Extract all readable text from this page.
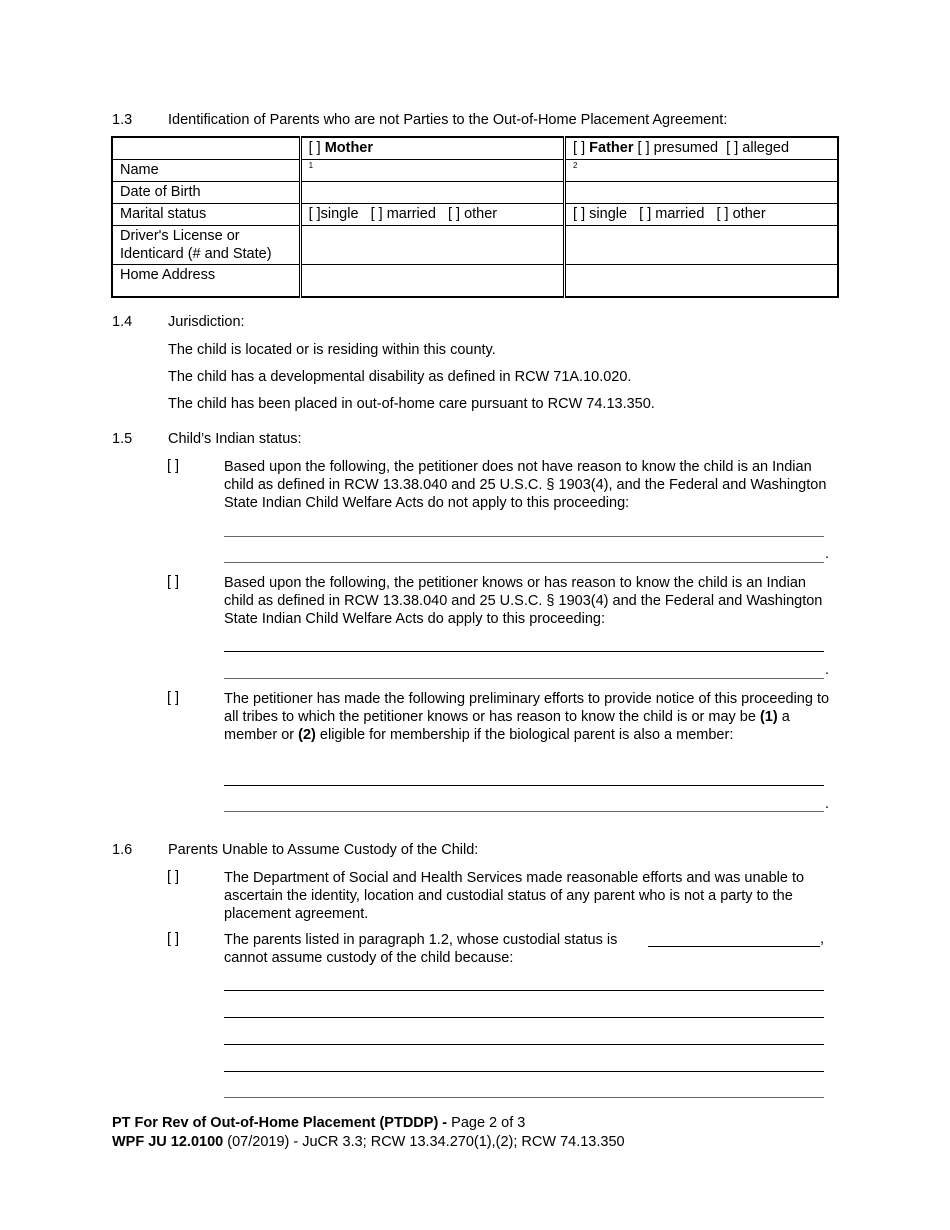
1.3 Identification of Parents who are not Parties to the Out-of-Home Placement Agreement:
	[ ] Mother	[ ] Father [ ] presumed  [ ] alleged
Name	$^1$	$^2$
Date of Birth		
Marital status	[ ]single   [ ] married   [ ] other	[ ] single   [ ] married   [ ] other

Driver's License or
Identicard (# and State)		

Home Address		
1.4 Jurisdiction:
The child is located or is residing within this county.
The child has a developmental disability as defined in RCW 71A.10.020.
The child has been placed in out-of-home care pursuant to RCW 74.13.350.
1.5 Child’s Indian status:
[ ]	Based upon the following, the petitioner does not have reason to know the child is an Indian child as defined in RCW 13.38.040 and 25 U.S.C. § 1903(4), and the Federal and Washington State Indian Child Welfare Acts do not apply to this proceeding:
.
[ ]	Based upon the following, the petitioner knows or has reason to know the child is an Indian child as defined in RCW 13.38.040 and 25 U.S.C. § 1903(4) and the Federal and Washington State Indian Child Welfare Acts do apply to this proceeding:
.
[ ]	The petitioner has made the following preliminary efforts to provide notice of this proceeding to all tribes to which the petitioner knows or has reason to know the child is or may be (1) a member or (2) eligible for membership if the biological parent is also a member:
.
1.6 Parents Unable to Assume Custody of the Child:
[ ]	The Department of Social and Health Services made reasonable efforts and was unable to ascertain the identity, location and custodial status of any parent who is not a party to the placement agreement.
[ ]	The parents listed in paragraph 1.2, whose custodial status is
cannot assume custody of the child because:
,
PT For Rev of Out-of-Home Placement (PTDDP) - Page 2 of 3
WPF JU 12.0100 (07/2019) - JuCR 3.3; RCW 13.34.270(1),(2); RCW 74.13.350
